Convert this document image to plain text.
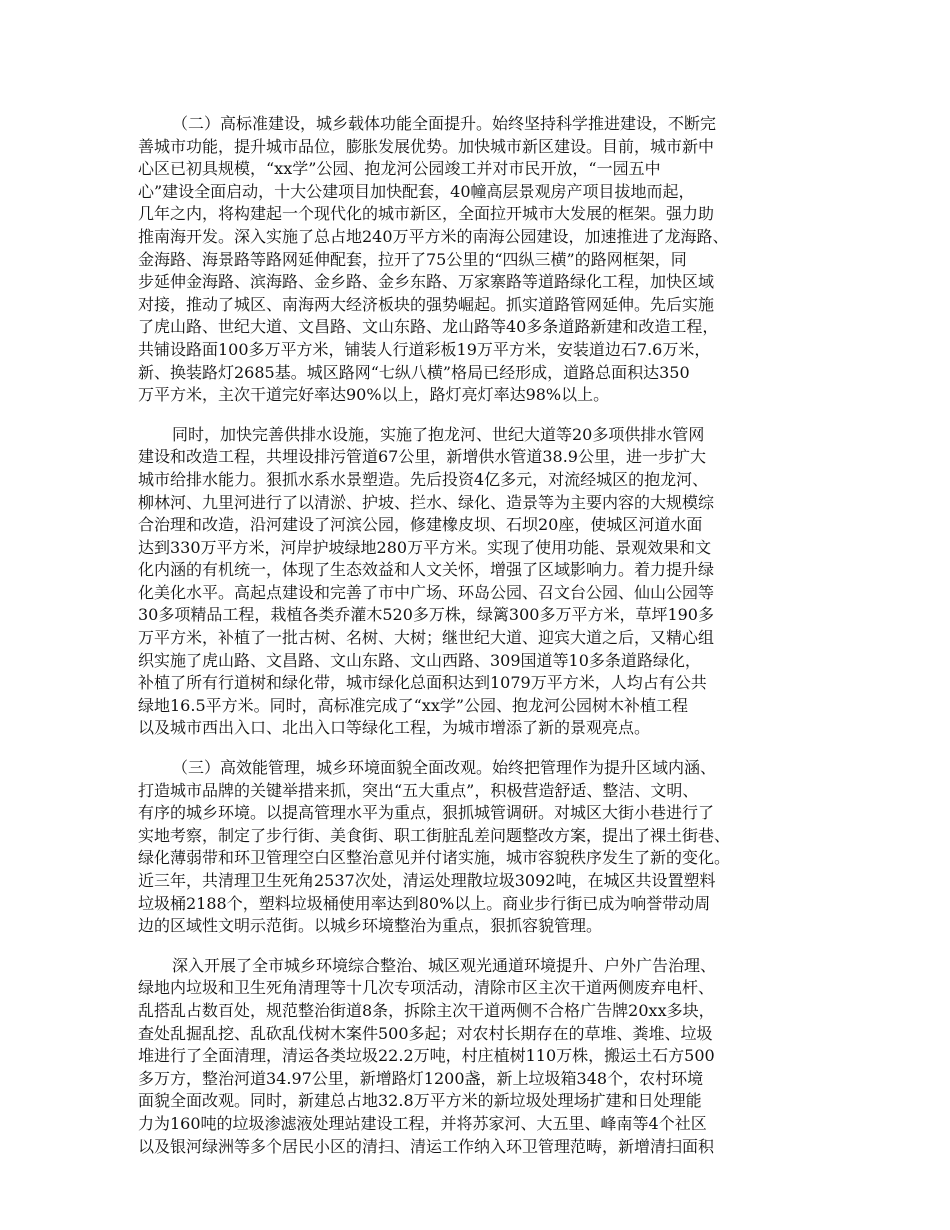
（二）高标准建设，城乡载体功能全面提升。始终坚持科学推进建设，不断完
善城市功能，提升城市品位，膨胀发展优势。加快城市新区建设。目前，城市新中
心区已初具规模，“xx学”公园、抱龙河公园竣工并对市民开放，“一园五中
心”建设全面启动，十大公建项目加快配套，40幢高层景观房产项目拔地而起，
几年之内，将构建起一个现代化的城市新区，全面拉开城市大发展的框架。强力助
推南海开发。深入实施了总占地240万平方米的南海公园建设，加速推进了龙海路、
金海路、海景路等路网延伸配套，拉开了75公里的“四纵三横”的路网框架，同
步延伸金海路、滨海路、金乡路、金乡东路、万家寨路等道路绿化工程，加快区域
对接，推动了城区、南海两大经济板块的强势崛起。抓实道路管网延伸。先后实施
了虎山路、世纪大道、文昌路、文山东路、龙山路等40多条道路新建和改造工程，
共铺设路面100多万平方米，铺装人行道彩板19万平方米，安装道边石7.6万米，
新、换装路灯2685基。城区路网“七纵八横”格局已经形成，道路总面积达350
万平方米，主次干道完好率达90%以上，路灯亮灯率达98%以上。
同时，加快完善供排水设施，实施了抱龙河、世纪大道等20多项供排水管网
建设和改造工程，共埋设排污管道67公里，新增供水管道38.9公里，进一步扩大
城市给排水能力。狠抓水系水景塑造。先后投资4亿多元，对流经城区的抱龙河、
柳林河、九里河进行了以清淤、护坡、拦水、绿化、造景等为主要内容的大规模综
合治理和改造，沿河建设了河滨公园，修建橡皮坝、石坝20座，使城区河道水面
达到330万平方米，河岸护坡绿地280万平方米。实现了使用功能、景观效果和文
化内涵的有机统一，体现了生态效益和人文关怀，增强了区域影响力。着力提升绿
化美化水平。高起点建设和完善了市中广场、环岛公园、召文台公园、仙山公园等
30多项精品工程，栽植各类乔灌木520多万株，绿篱300多万平方米，草坪190多
万平方米，补植了一批古树、名树、大树；继世纪大道、迎宾大道之后，又精心组
织实施了虎山路、文昌路、文山东路、文山西路、309国道等10多条道路绿化，
补植了所有行道树和绿化带，城市绿化总面积达到1079万平方米，人均占有公共
绿地16.5平方米。同时，高标准完成了“xx学”公园、抱龙河公园树木补植工程
以及城市西出入口、北出入口等绿化工程，为城市增添了新的景观亮点。
（三）高效能管理，城乡环境面貌全面改观。始终把管理作为提升区域内涵、
打造城市品牌的关键举措来抓，突出“五大重点”，积极营造舒适、整洁、文明、
有序的城乡环境。以提高管理水平为重点，狠抓城管调研。对城区大街小巷进行了
实地考察，制定了步行街、美食街、职工街脏乱差问题整改方案，提出了裸土街巷、
绿化薄弱带和环卫管理空白区整治意见并付诸实施，城市容貌秩序发生了新的变化。
近三年，共清理卫生死角2537次处，清运处理散垃圾3092吨，在城区共设置塑料
垃圾桶2188个，塑料垃圾桶使用率达到80%以上。商业步行街已成为响誉带动周
边的区域性文明示范街。以城乡环境整治为重点，狠抓容貌管理。
深入开展了全市城乡环境综合整治、城区观光通道环境提升、户外广告治理、
绿地内垃圾和卫生死角清理等十几次专项活动，清除市区主次干道两侧废弃电杆、
乱搭乱占数百处，规范整治街道8条，拆除主次干道两侧不合格广告牌20xx多块，
查处乱掘乱挖、乱砍乱伐树木案件500多起；对农村长期存在的草堆、粪堆、垃圾
堆进行了全面清理，清运各类垃圾22.2万吨，村庄植树110万株，搬运土石方500
多万方，整治河道34.97公里，新增路灯1200盏，新上垃圾箱348个，农村环境
面貌全面改观。同时，新建总占地32.8万平方米的新垃圾处理场扩建和日处理能
力为160吨的垃圾渗滤液处理站建设工程，并将苏家河、大五里、峰南等4个社区
以及银河绿洲等多个居民小区的清扫、清运工作纳入环卫管理范畴，新增清扫面积
